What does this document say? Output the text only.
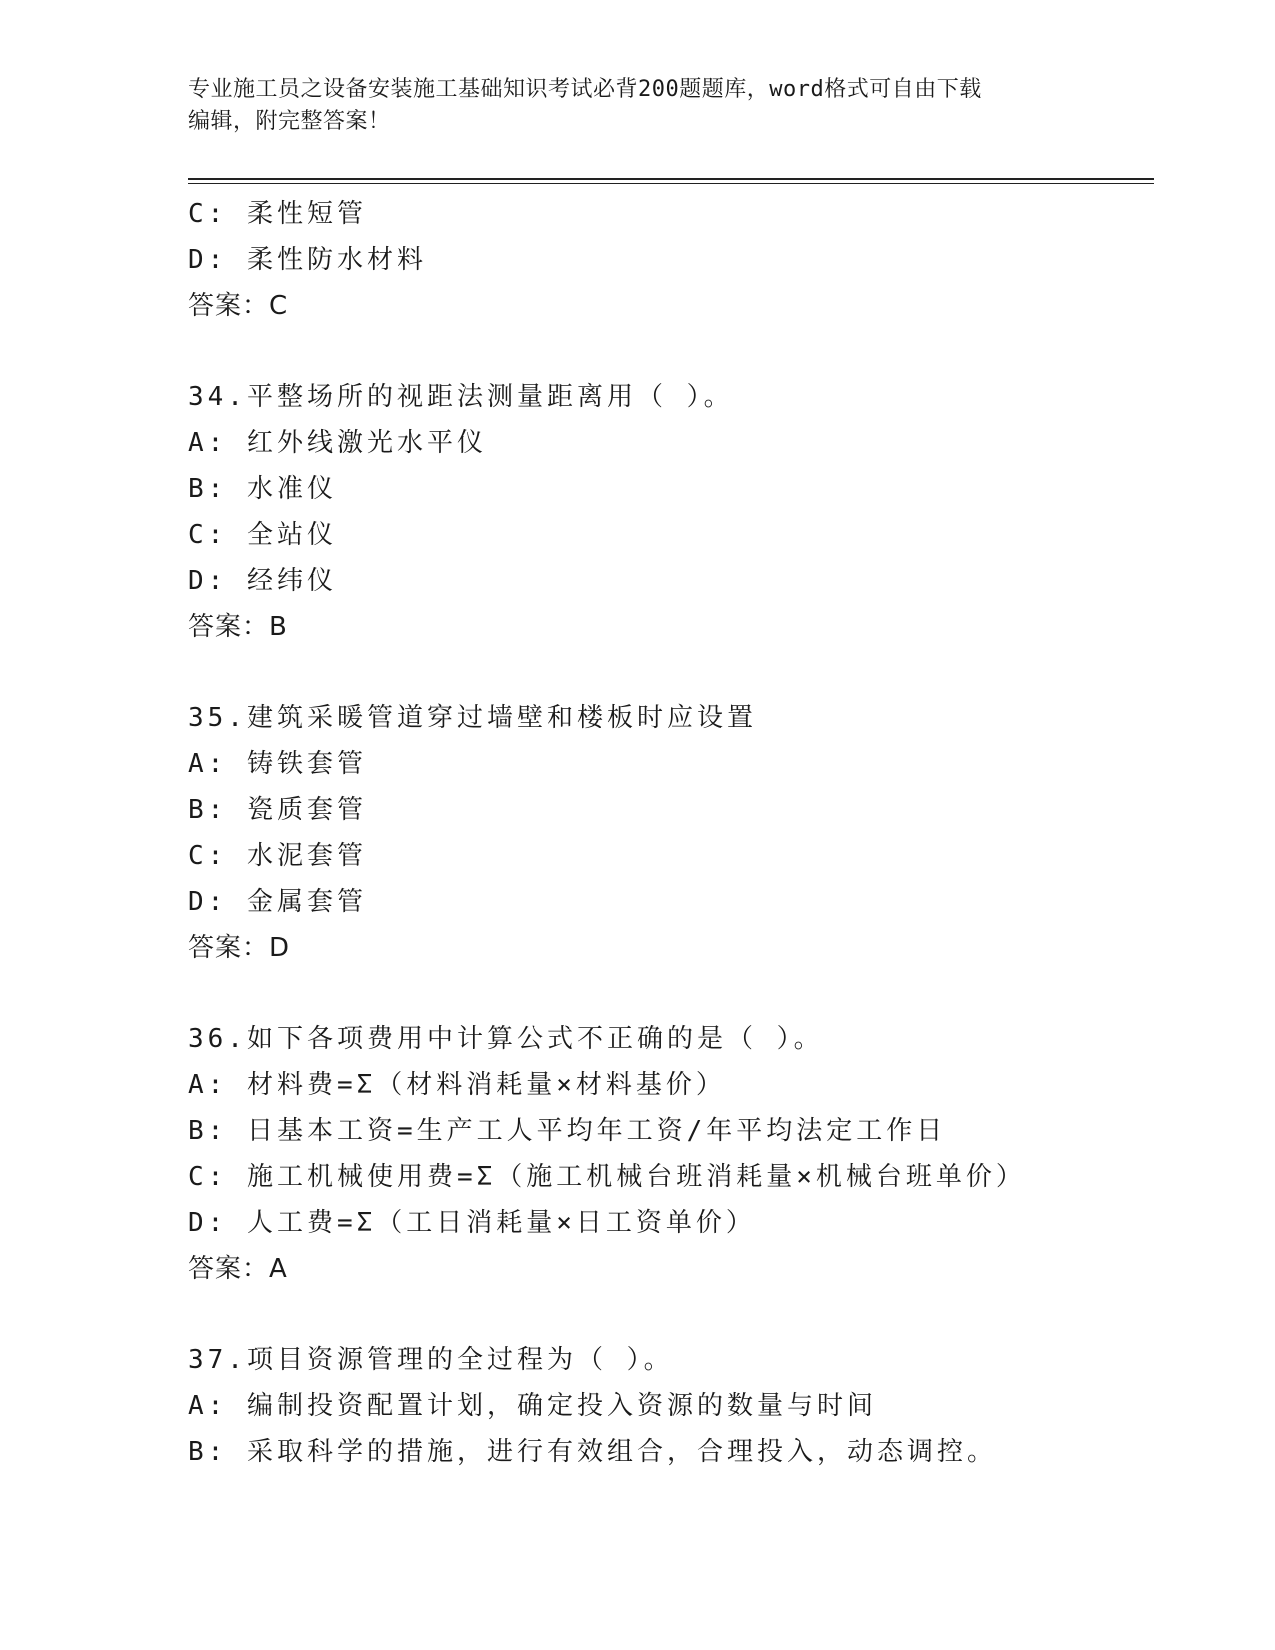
专业施工员之设备安装施工基础知识考试必背200题题库，word格式可自由下载
编辑，附完整答案！
C: 柔性短管
D: 柔性防水材料
答案：C
34.平整场所的视距法测量距离用（ ）。
A: 红外线激光水平仪
B: 水准仪
C: 全站仪
D: 经纬仪
答案：B
35.建筑采暖管道穿过墙壁和楼板时应设置
A: 铸铁套管
B: 瓷质套管
C: 水泥套管
D: 金属套管
答案：D
36.如下各项费用中计算公式不正确的是（ ）。
A: 材料费=Σ（材料消耗量×材料基价）
B: 日基本工资=生产工人平均年工资/年平均法定工作日
C: 施工机械使用费=Σ（施工机械台班消耗量×机械台班单价）
D: 人工费=Σ（工日消耗量×日工资单价）
答案：A
37.项目资源管理的全过程为（ ）。
A: 编制投资配置计划，确定投入资源的数量与时间
B: 采取科学的措施，进行有效组合，合理投入，动态调控。
